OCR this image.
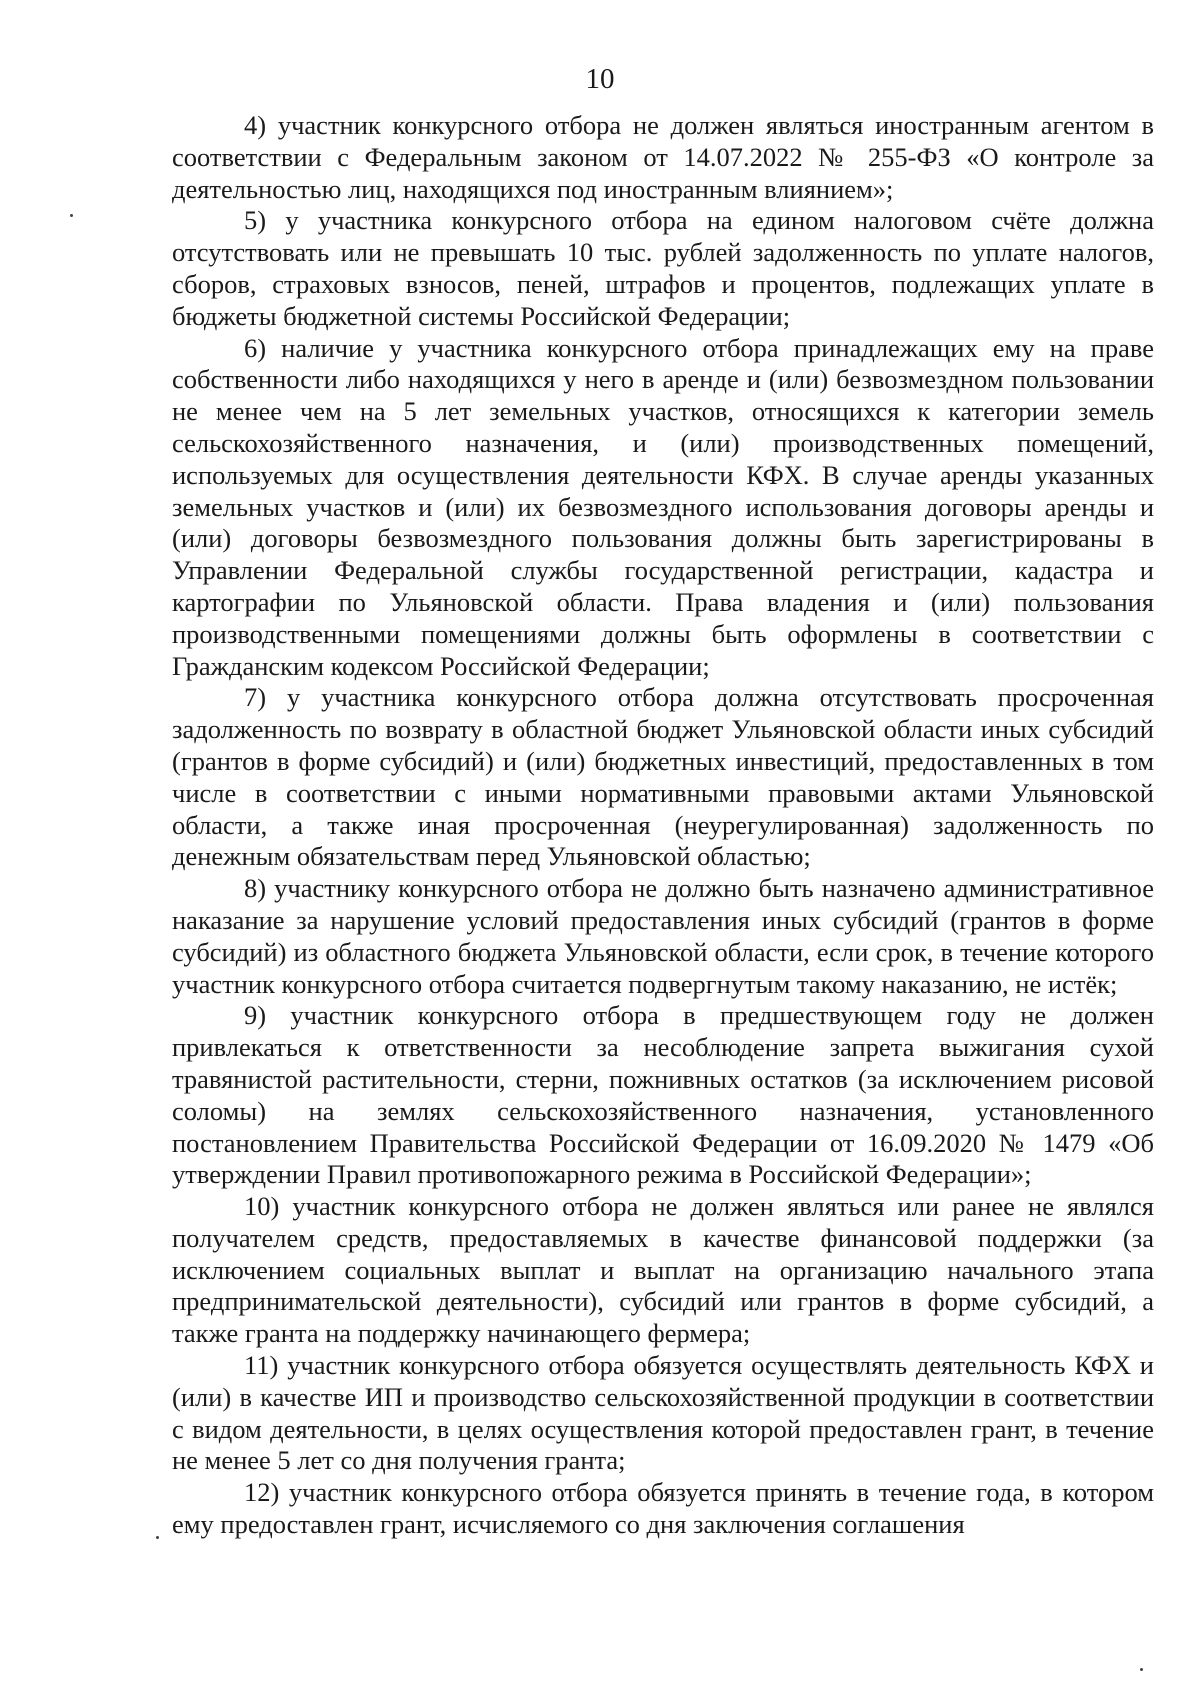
10

4) участник конкурсного отбора не должен являться иностранным агентом в соответствии с Федеральным законом от 14.07.2022 № 255-ФЗ «О контроле за деятельностью лиц, находящихся под иностранным влиянием»;

5) у участника конкурсного отбора на едином налоговом счёте должна отсутствовать или не превышать 10 тыс. рублей задолженность по уплате налогов, сборов, страховых взносов, пеней, штрафов и процентов, подлежащих уплате в бюджеты бюджетной системы Российской Федерации;

6) наличие у участника конкурсного отбора принадлежащих ему на праве собственности либо находящихся у него в аренде и (или) безвозмездном пользовании не менее чем на 5 лет земельных участков, относящихся к категории земель сельскохозяйственного назначения, и (или) производственных помещений, используемых для осуществления деятельности КФХ. В случае аренды указанных земельных участков и (или) их безвозмездного использования договоры аренды и (или) договоры безвозмездного пользования должны быть зарегистрированы в Управлении Федеральной службы государственной регистрации, кадастра и картографии по Ульяновской области. Права владения и (или) пользования производственными помещениями должны быть оформлены в соответствии с Гражданским кодексом Российской Федерации;

7) у участника конкурсного отбора должна отсутствовать просроченная задолженность по возврату в областной бюджет Ульяновской области иных субсидий (грантов в форме субсидий) и (или) бюджетных инвестиций, предоставленных в том числе в соответствии с иными нормативными правовыми актами Ульяновской области, а также иная просроченная (неурегулированная) задолженность по денежным обязательствам перед Ульяновской областью;

8) участнику конкурсного отбора не должно быть назначено административное наказание за нарушение условий предоставления иных субсидий (грантов в форме субсидий) из областного бюджета Ульяновской области, если срок, в течение которого участник конкурсного отбора считается подвергнутым такому наказанию, не истёк;

9) участник конкурсного отбора в предшествующем году не должен привлекаться к ответственности за несоблюдение запрета выжигания сухой травянистой растительности, стерни, пожнивных остатков (за исключением рисовой соломы) на землях сельскохозяйственного назначения, установленного постановлением Правительства Российской Федерации от 16.09.2020 № 1479 «Об утверждении Правил противопожарного режима в Российской Федерации»;

10) участник конкурсного отбора не должен являться или ранее не являлся получателем средств, предоставляемых в качестве финансовой поддержки (за исключением социальных выплат и выплат на организацию начального этапа предпринимательской деятельности), субсидий или грантов в форме субсидий, а также гранта на поддержку начинающего фермера;

11) участник конкурсного отбора обязуется осуществлять деятельность КФХ и (или) в качестве ИП и производство сельскохозяйственной продукции в соответствии с видом деятельности, в целях осуществления которой предоставлен грант, в течение не менее 5 лет со дня получения гранта;

12) участник конкурсного отбора обязуется принять в течение года, в котором ему предоставлен грант, исчисляемого со дня заключения соглашения
